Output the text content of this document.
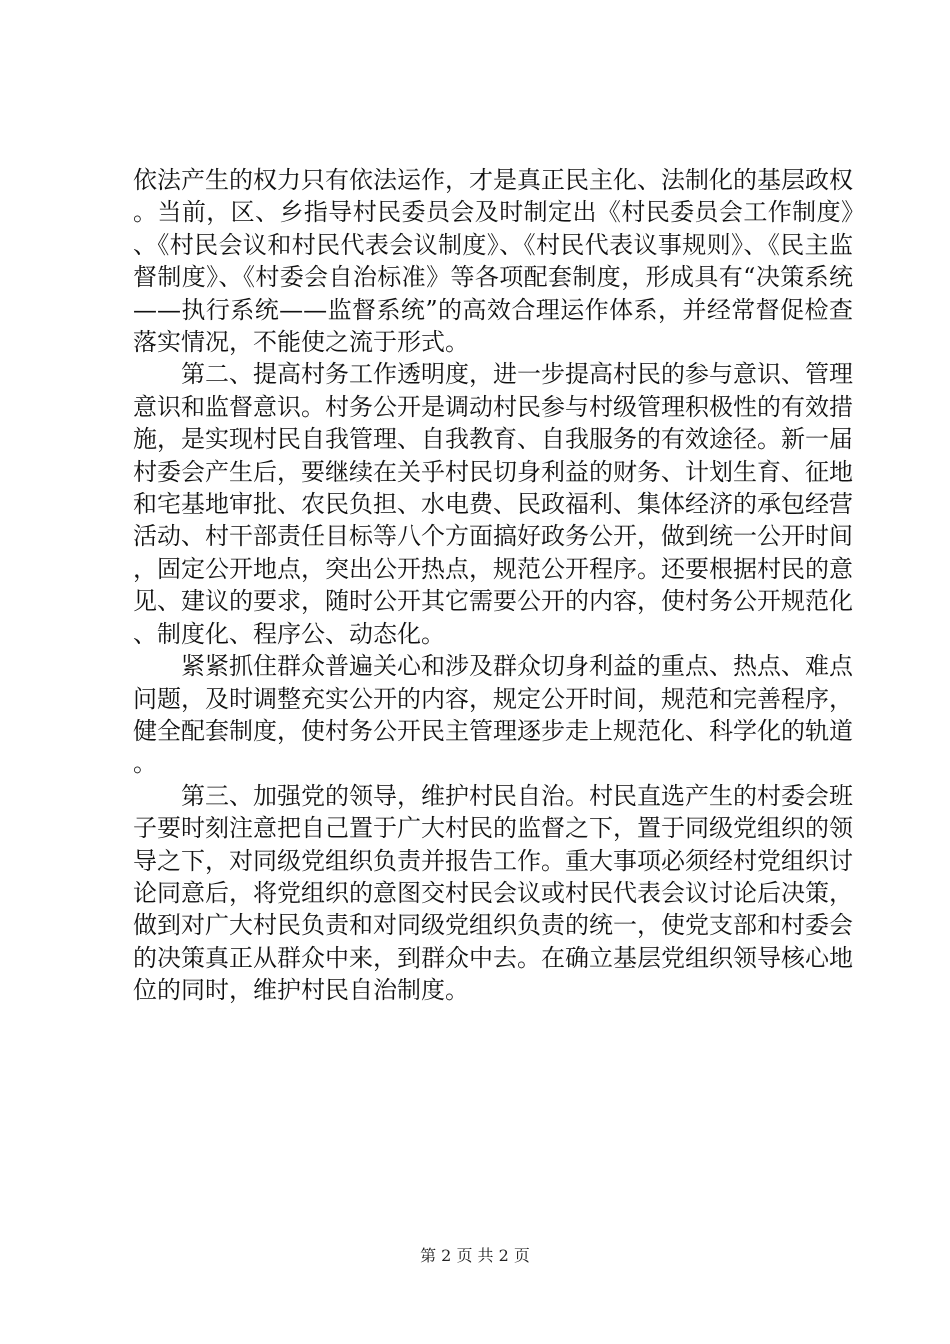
依法产生的权力只有依法运作，才是真正民主化、法制化的基层政权。当前，区、乡指导村民委员会及时制定出《村民委员会工作制度》、《村民会议和村民代表会议制度》、《村民代表议事规则》、《民主监督制度》、《村委会自治标准》等各项配套制度，形成具有“决策系统——执行系统——监督系统”的高效合理运作体系，并经常督促检查落实情况，不能使之流于形式。

第二、提高村务工作透明度，进一步提高村民的参与意识、管理意识和监督意识。村务公开是调动村民参与村级管理积极性的有效措施，是实现村民自我管理、自我教育、自我服务的有效途径。新一届村委会产生后，要继续在关乎村民切身利益的财务、计划生育、征地和宅基地审批、农民负担、水电费、民政福利、集体经济的承包经营活动、村干部责任目标等八个方面搞好政务公开，做到统一公开时间，固定公开地点，突出公开热点，规范公开程序。还要根据村民的意见、建议的要求，随时公开其它需要公开的内容，使村务公开规范化、制度化、程序公、动态化。

紧紧抓住群众普遍关心和涉及群众切身利益的重点、热点、难点问题，及时调整充实公开的内容，规定公开时间，规范和完善程序，健全配套制度，使村务公开民主管理逐步走上规范化、科学化的轨道。

第三、加强党的领导，维护村民自治。村民直选产生的村委会班子要时刻注意把自己置于广大村民的监督之下，置于同级党组织的领导之下，对同级党组织负责并报告工作。重大事项必须经村党组织讨论同意后，将党组织的意图交村民会议或村民代表会议讨论后决策，做到对广大村民负责和对同级党组织负责的统一，使党支部和村委会的决策真正从群众中来，到群众中去。在确立基层党组织领导核心地位的同时，维护村民自治制度。

第 2 页 共 2 页
